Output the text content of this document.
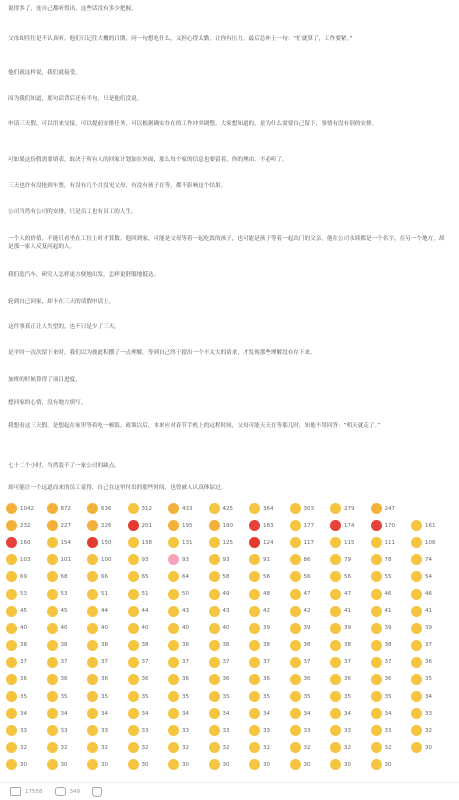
说得多了，连自己都听得出，这些话没有多少把握。
父母却往往是不认真听。他们只记住大概的日期，问一句想吃什么，又担心得太勤，让你有压力。最后总补上一句：“忙就算了，工作要紧。”
他们就这样说，我们就接受。
因为我们知道，那句话背后还有半句，只是他们没说。
申请三天假，可以用来交接，可以提前安排任务，可以根据确实存在的工作冲突调整。大家想知道的，是为什么需要自己留下，事情有没有别的安排。
可如果这份假需要填表，取决于所有人的回家计划加在外面，那么每个家的信息也要留着，你的理由，不必听了。
三天也许有没抢到车票，有没有几个月没见父母，有没有孩子在等，都不影响这个结果。
公司当然有公司的安排，只是员工也有员工的人生。
一个人的价值，不能只看坐在工位上时才算数。他回到家，可能是父母等着一起吃饭的孩子，也可能是孩子等着一起出门的父亲。他在公司永续都是一个名字，在另一个地方，却是那一家人反复问起的人。
我们造汽车，研究人怎样更方便地出发，怎样更舒服地抵达。
轮到自己回家，却卡在三天的请假申请上。
这件事真正让人失望的，也不只是少了三天。
是平时一次次留下来时，我们以为彼此积攒了一点理解。等到自己终于提出一个不太大的请求，才发现那些理解没有存下来。
加班的时候算得了项目进度。
想回家的心情，没有地方填写。
我想看这三天假，是想起在家里等着吃一顿饭。政策以后，本来应对春节手机上的远程时间，父母可能天天在等那儿时，知他不用回答：“明天就走了。”
七十二个小时，当然装不了一家公司的缺点。
却可能让一个远道而来的员工觉得，自己在这里付出的那些时间，也曾被人认真体谅过。
1042	872	636	312	433	425	364	303	279	247
232	227	226	201	195	190	183	177	174	170	161
160	154	150	138	131	125	124	117	115	111	106
103	101	100	93	93	93	91	86	79	78	74
69	68	66	65	64	58	56	56	56	55	54
53	53	51	51	50	49	48	47	47	46	46
45	45	44	44	43	43	42	42	41	41	41
40	40	40	40	40	40	39	39	39	39	39
38	38	38	38	38	38	38	38	38	38	37
37	37	37	37	37	37	37	37	37	37	36
36	36	36	36	36	36	36	36	36	36	35
35	35	35	35	35	35	35	35	35	35	34
34	34	34	34	34	34	34	34	34	34	33
33	33	33	33	33	33	33	33	33	33	32
32	32	32	32	32	32	32	32	32	32	30
30	30	30	30	30	30	30	30	30	30
17558	349
